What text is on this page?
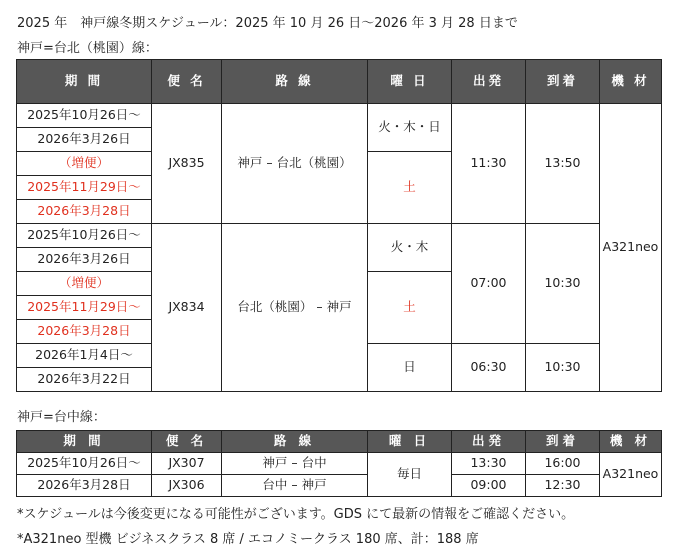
2025 年　神戸線冬期スケジュール：2025 年 10 月 26 日～2026 年 3 月 28 日まで
神戸=台北（桃園）線：
期 間	便 名	路 線	曜 日	出発	到着	機 材
2025年10月26日～	JX835	神戸 – 台北（桃園）	火・木・日	11:30	13:50	A321neo
2026年3月26日						
（増便）			土			
2025年11月29日～						
2026年3月28日						
2025年10月26日～	JX834	台北（桃園） – 神戸	火・木	07:00	10:30	
2026年3月26日						
（増便）			土			
2025年11月29日～						
2026年3月28日						
2026年1月4日～			日	06:30	10:30	
2026年3月22日						
神戸=台中線：
期 間	便 名	路 線	曜 日	出発	到着	機 材
2025年10月26日～	JX307	神戸 – 台中	毎日	13:30	16:00	A321neo
2026年3月28日	JX306	台中 – 神戸		09:00	12:30	
*スケジュールは今後変更になる可能性がございます。GDS にて最新の情報をご確認ください。
*A321neo 型機 ビジネスクラス 8 席 / エコノミークラス 180 席、計：188 席
